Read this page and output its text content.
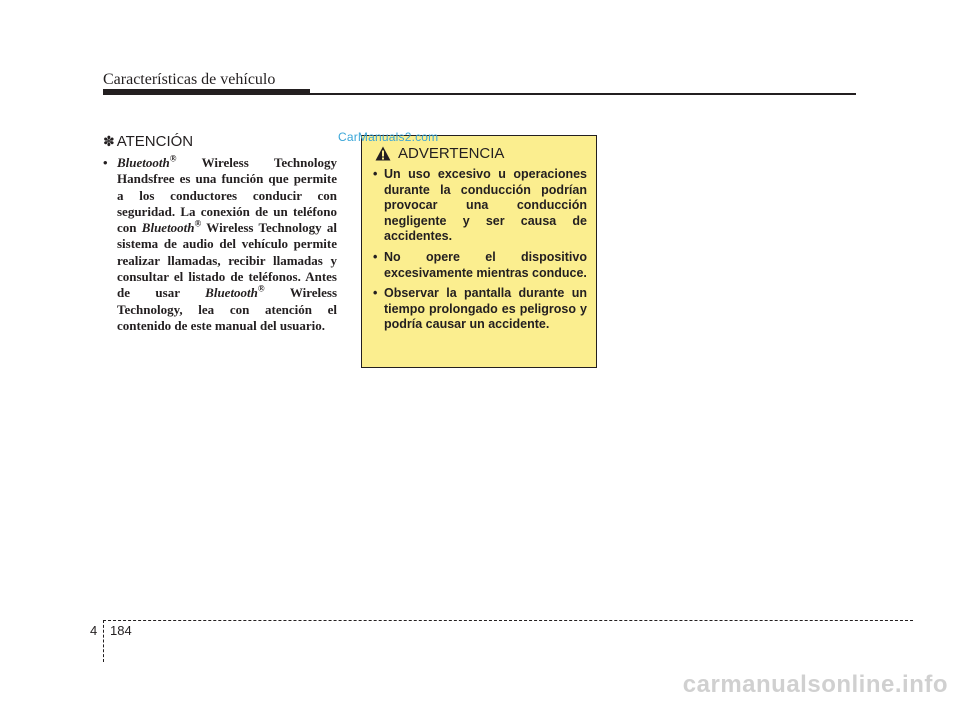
Características de vehículo
✽ ATENCIÓN

• Bluetooth® Wireless Technology Handsfree es una función que permite a los conductores conducir con seguridad. La conexión de un teléfono con Bluetooth® Wireless Technology al sistema de audio del vehículo permite realizar llamadas, recibir llamadas y consultar el listado de teléfonos. Antes de usar Bluetooth® Wireless Technology, lea con atención el contenido de este manual del usuario.

ADVERTENCIA
• Un uso excesivo u operaciones durante la conducción podrían provocar una conducción negligente y ser causa de accidentes.
• No opere el dispositivo excesivamente mientras conduce.
• Observar la pantalla durante un tiempo prolongado es peligroso y podría causar un accidente.
CarManuals2.com
4 184
carmanualsonline.info
